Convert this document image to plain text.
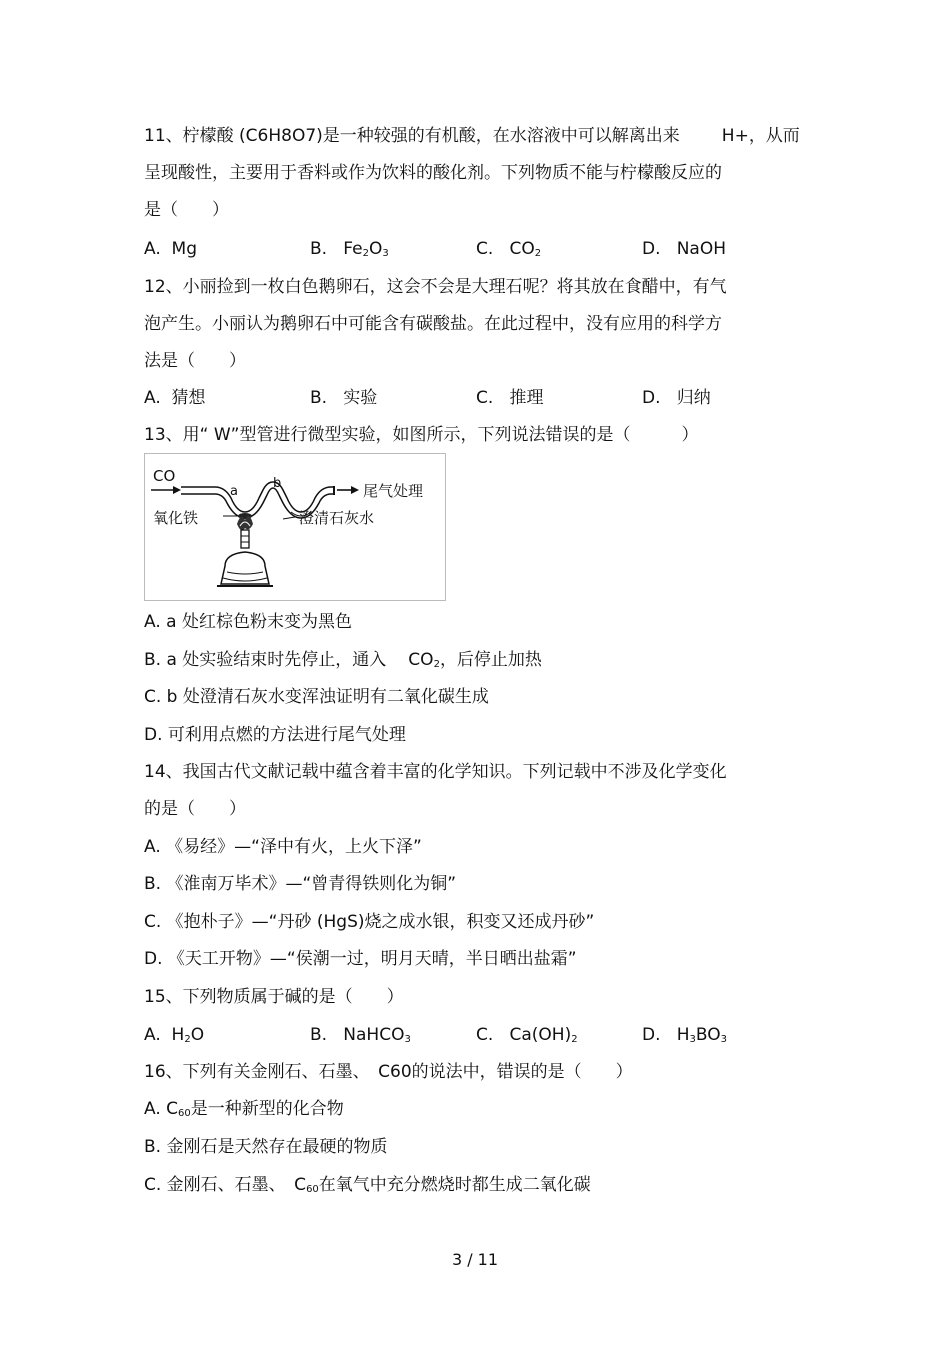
11、柠檬酸 (C6H8O7)是一种较强的有机酸，在水溶液中可以解离出来 H+，从而
呈现酸性，主要用于香料或作为饮料的酸化剂。下列物质不能与柠檬酸反应的
是（　　）
A. Mg	B. $Fe_2O_3$	C. $CO_2$	D. NaOH
12、小丽捡到一枚白色鹅卵石，这会不会是大理石呢？将其放在食醋中，有气
泡产生。小丽认为鹅卵石中可能含有碳酸盐。在此过程中，没有应用的科学方
法是（　　）
A. 猜想	B. 实验	C. 推理	D. 归纳
13、用“ W”型管进行微型实验，如图所示，下列说法错误的是（　　　）
CO
a
b	尾气处理
氧化铁	澄清石灰水
A. a 处红棕色粉末变为黑色
B. a 处实验结束时先停止，通入 $CO_2$，后停止加热
C. b 处澄清石灰水变浑浊证明有二氧化碳生成
D. 可利用点燃的方法进行尾气处理
14、我国古代文献记载中蕴含着丰富的化学知识。下列记载中不涉及化学变化
的是（　　）
A. 《易经》—“泽中有火，上火下泽”
B. 《淮南万毕术》—“曾青得铁则化为铜”
C. 《抱朴子》—“丹砂 (HgS)烧之成水银，积变又还成丹砂”
D. 《天工开物》—“侯潮一过，明月天晴，半日晒出盐霜”
15、下列物质属于碱的是（　　）
A. $H_2O$	B. NaHCO$_3$	C. $Ca(OH)_2$	D. $H_3BO_3$
16、下列有关金刚石、石墨、　C60的说法中，错误的是（　　）
A. $C_{60}$是一种新型的化合物
B. 金刚石是天然存在最硬的物质
C. 金刚石、石墨、　$C_{60}$在氧气中充分燃烧时都生成二氧化碳
3 / 11
